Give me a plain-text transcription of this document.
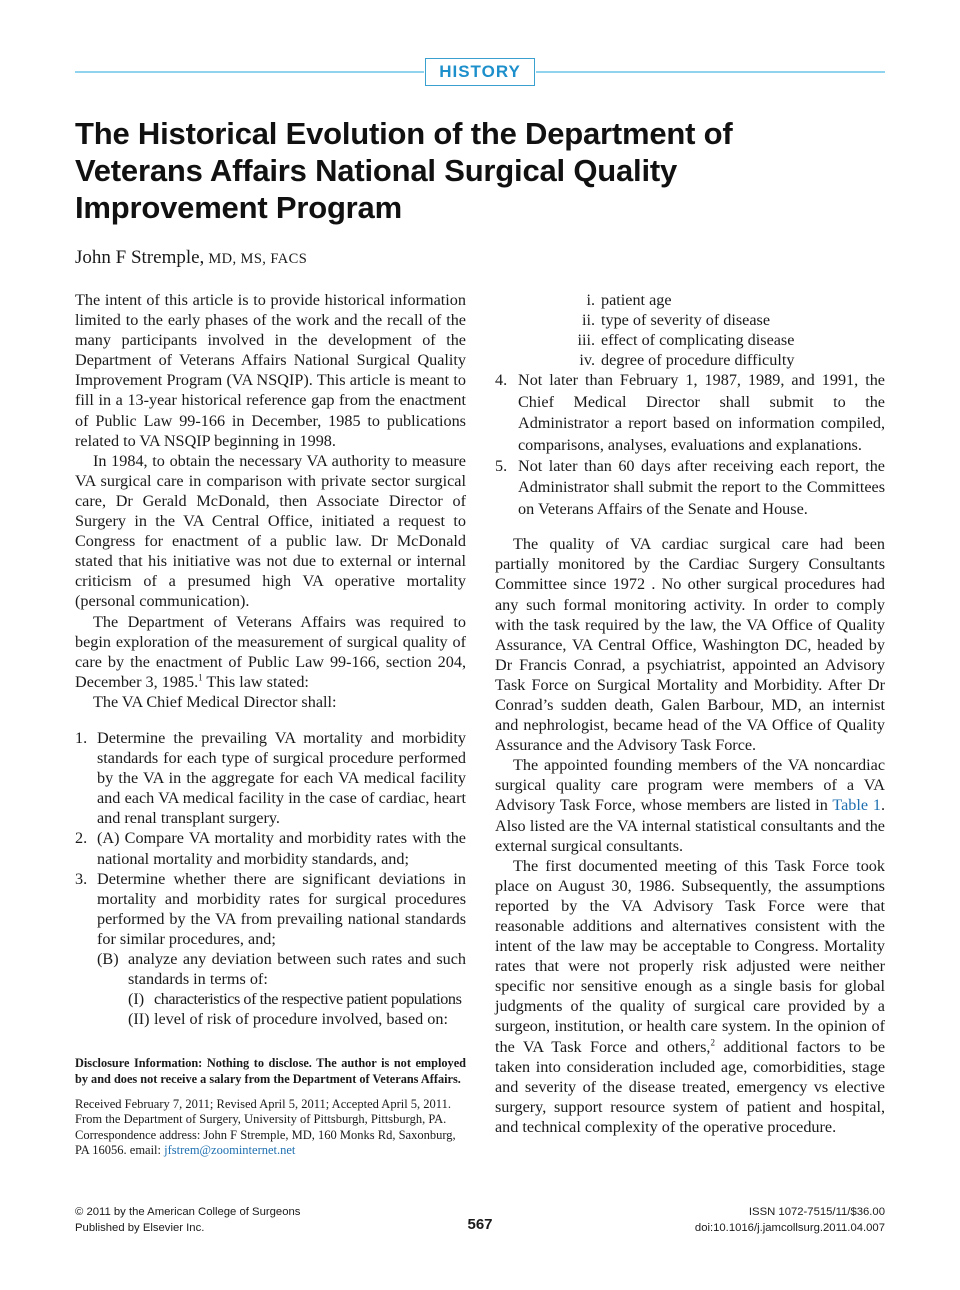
HISTORY
The Historical Evolution of the Department of Veterans Affairs National Surgical Quality Improvement Program
John F Stremple, MD, MS, FACS

The intent of this article is to provide historical information limited to the early phases of the work and the recall of the many participants involved in the development of the Department of Veterans Affairs National Surgical Quality Improvement Program (VA NSQIP). This article is meant to fill in a 13-year historical reference gap from the enactment of Public Law 99-166 in December, 1985 to publications related to VA NSQIP beginning in 1998.

In 1984, to obtain the necessary VA authority to measure VA surgical care in comparison with private sector surgical care, Dr Gerald McDonald, then Associate Director of Surgery in the VA Central Office, initiated a request to Congress for enactment of a public law. Dr McDonald stated that his initiative was not due to external or internal criticism of a presumed high VA operative mortality (personal communication).

The Department of Veterans Affairs was required to begin exploration of the measurement of surgical quality of care by the enactment of Public Law 99-166, section 204, December 3, 1985.$^1$ This law stated:

The VA Chief Medical Director shall:

1. Determine the prevailing VA mortality and morbidity standards for each type of surgical procedure performed by the VA in the aggregate for each VA medical facility and each VA medical facility in the case of cardiac, heart and renal transplant surgery.
2. (A) Compare VA mortality and morbidity rates with the national mortality and morbidity standards, and;
3. Determine whether there are significant deviations in mortality and morbidity rates for surgical procedures performed by the VA from prevailing national standards for similar procedures, and;
(B) analyze any deviation between such rates and such standards in terms of:
(I) characteristics of the respective patient populations
(II) level of risk of procedure involved, based on:
Disclosure Information: Nothing to disclose. The author is not employed by and does not receive a salary from the Department of Veterans Affairs.

Received February 7, 2011; Revised April 5, 2011; Accepted April 5, 2011.

From the Department of Surgery, University of Pittsburgh, Pittsburgh, PA.

Correspondence address: John F Stremple, MD, 160 Monks Rd, Saxonburg, PA 16056. email: jfstrem@zoominternet.net

i. patient age
ii. type of severity of disease
iii. effect of complicating disease
iv. degree of procedure difficulty
4. Not later than February 1, 1987, 1989, and 1991, the Chief Medical Director shall submit to the Administrator a report based on information compiled, comparisons, analyses, evaluations and explanations.
5. Not later than 60 days after receiving each report, the Administrator shall submit the report to the Committees on Veterans Affairs of the Senate and House.

The quality of VA cardiac surgical care had been partially monitored by the Cardiac Surgery Consultants Committee since 1972 . No other surgical procedures had any such formal monitoring activity. In order to comply with the task required by the law, the VA Office of Quality Assurance, VA Central Office, Washington DC, headed by Dr Francis Conrad, a psychiatrist, appointed an Advisory Task Force on Surgical Mortality and Morbidity. After Dr Conrad’s sudden death, Galen Barbour, MD, an internist and nephrologist, became head of the VA Office of Quality Assurance and the Advisory Task Force.

The appointed founding members of the VA noncardiac surgical quality care program were members of a VA Advisory Task Force, whose members are listed in Table 1. Also listed are the VA internal statistical consultants and the external surgical consultants.

The first documented meeting of this Task Force took place on August 30, 1986. Subsequently, the assumptions reported by the VA Advisory Task Force were that reasonable additions and alternatives consistent with the intent of the law may be acceptable to Congress. Mortality rates that were not properly risk adjusted were neither specific nor sensitive enough as a single basis for global judgments of the quality of surgical care provided by a surgeon, institution, or health care system. In the opinion of the VA Task Force and others,$^2$ additional factors to be taken into consideration included age, comorbidities, stage and severity of the disease treated, emergency vs elective surgery, support resource system of patient and hospital, and technical complexity of the operative procedure.

© 2011 by the American College of Surgeons
Published by Elsevier Inc.	567
ISSN 1072-7515/11/$36.00
doi:10.1016/j.jamcollsurg.2011.04.007
